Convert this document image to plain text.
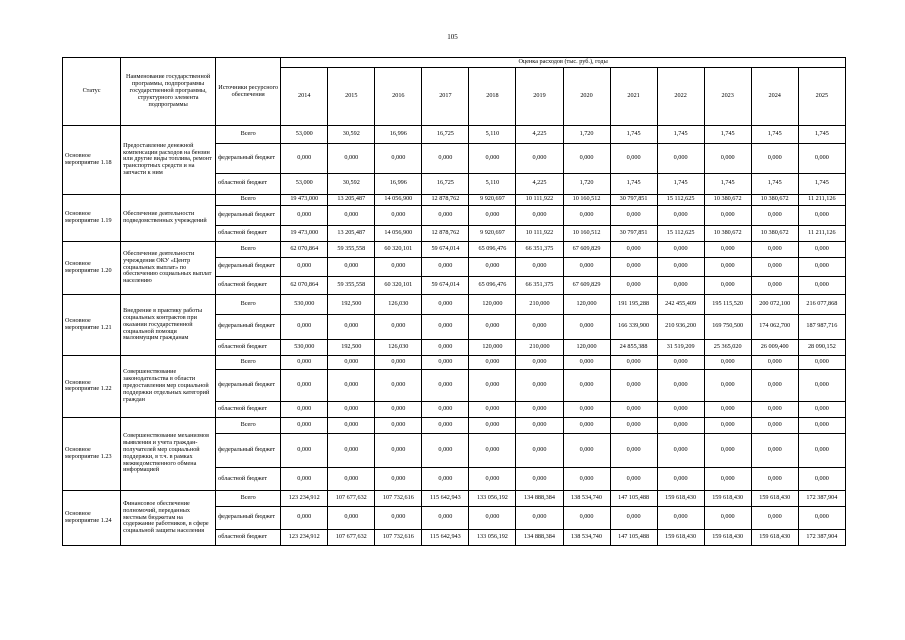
105
Статус	Наименование государственной программы, подпрограммы государственной программы, структурного элемента подпрограммы	Источники ресурсного обеспечения	Оценка расходов (тыс. руб.), годы											
			2014	2015	2016	2017	2018	2019	2020	2021	2022	2023	2024	2025
Основное мероприятие 1.18	Предоставление денежной компенсации расходов на бензин или другие виды топлива, ремонт транспортных средств и на запчасти к ним	Всего	53,000	30,592	16,996	16,725	5,110	4,225	1,720	1,745	1,745	1,745	1,745	1,745
		федеральный бюджет	0,000	0,000	0,000	0,000	0,000	0,000	0,000	0,000	0,000	0,000	0,000	0,000
		областной бюджет	53,000	30,592	16,996	16,725	5,110	4,225	1,720	1,745	1,745	1,745	1,745	1,745
Основное мероприятие 1.19	Обеспечение деятельности подведомственных учреждений	Всего	19 473,000	13 205,487	14 056,900	12 878,762	9 920,697	10 111,922	10 160,512	30 797,851	15 112,625	10 380,672	10 380,672	11 211,126
		федеральный бюджет	0,000	0,000	0,000	0,000	0,000	0,000	0,000	0,000	0,000	0,000	0,000	0,000
		областной бюджет	19 473,000	13 205,487	14 056,900	12 878,762	9 920,697	10 111,922	10 160,512	30 797,851	15 112,625	10 380,672	10 380,672	11 211,126
Основное мероприятие 1.20	Обеспечение деятельности учреждения ОКУ «Центр социальных выплат» по обеспечению социальных выплат населению	Всего	62 070,864	59 355,558	60 320,101	59 674,014	65 096,476	66 351,375	67 609,829	0,000	0,000	0,000	0,000	0,000
		федеральный бюджет	0,000	0,000	0,000	0,000	0,000	0,000	0,000	0,000	0,000	0,000	0,000	0,000
		областной бюджет	62 070,864	59 355,558	60 320,101	59 674,014	65 096,476	66 351,375	67 609,829	0,000	0,000	0,000	0,000	0,000
Основное мероприятие 1.21	Внедрение в практику работы социальных контрактов при оказании государственной социальной помощи малоимущим гражданам	Всего	530,000	192,500	126,030	0,000	120,000	210,000	120,000	191 195,288	242 455,409	195 115,520	200 072,100	216 077,868
		федеральный бюджет	0,000	0,000	0,000	0,000	0,000	0,000	0,000	166 339,900	210 936,200	169 750,500	174 062,700	187 987,716
		областной бюджет	530,000	192,500	126,030	0,000	120,000	210,000	120,000	24 855,388	31 519,209	25 365,020	26 009,400	28 090,152
Основное мероприятие 1.22	Совершенствование законодательства в области предоставления мер социальной поддержки отдельных категорий граждан	Всего	0,000	0,000	0,000	0,000	0,000	0,000	0,000	0,000	0,000	0,000	0,000	0,000
		федеральный бюджет	0,000	0,000	0,000	0,000	0,000	0,000	0,000	0,000	0,000	0,000	0,000	0,000
		областной бюджет	0,000	0,000	0,000	0,000	0,000	0,000	0,000	0,000	0,000	0,000	0,000	0,000
Основное мероприятие 1.23	Совершенствование механизмов выявления и учета граждан-получателей мер социальной поддержки, в т.ч. в рамках межведомственного обмена информацией	Всего	0,000	0,000	0,000	0,000	0,000	0,000	0,000	0,000	0,000	0,000	0,000	0,000
		федеральный бюджет	0,000	0,000	0,000	0,000	0,000	0,000	0,000	0,000	0,000	0,000	0,000	0,000
		областной бюджет	0,000	0,000	0,000	0,000	0,000	0,000	0,000	0,000	0,000	0,000	0,000	0,000
Основное мероприятие 1.24	Финансовое обеспечение полномочий, переданных местным бюджетам на содержание работников, в сфере социальной защиты населения	Всего	123 234,912	107 677,632	107 732,616	115 642,943	133 056,192	134 888,384	138 534,740	147 105,488	159 618,430	159 618,430	159 618,430	172 387,904
		федеральный бюджет	0,000	0,000	0,000	0,000	0,000	0,000	0,000	0,000	0,000	0,000	0,000	0,000
		областной бюджет	123 234,912	107 677,632	107 732,616	115 642,943	133 056,192	134 888,384	138 534,740	147 105,488	159 618,430	159 618,430	159 618,430	172 387,904
